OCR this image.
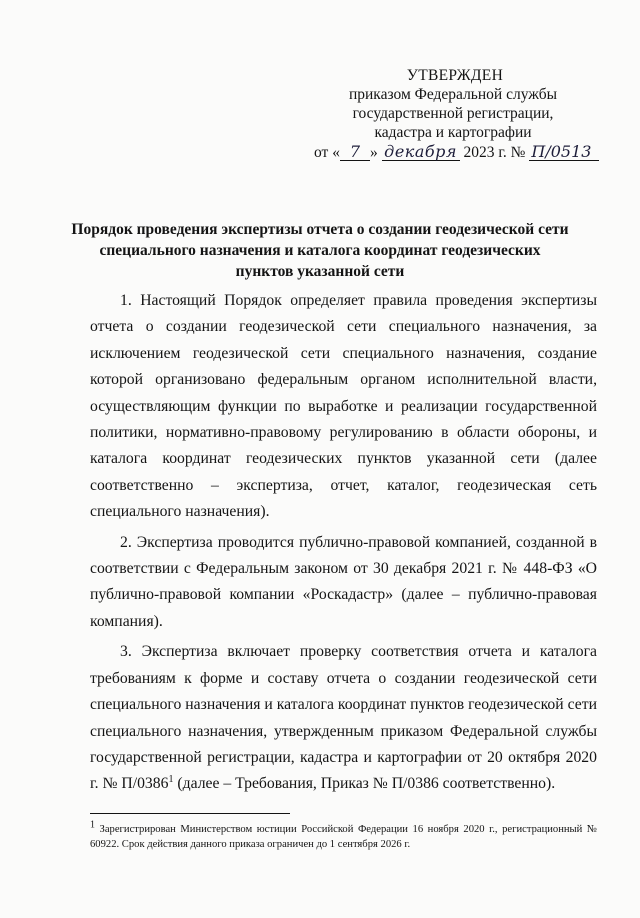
УТВЕРЖДЕН
приказом Федеральной службы
государственной регистрации,
кадастра и картографии
от « 7 » декабря 2023 г. № П/0513
Порядок проведения экспертизы отчета о создании геодезической сети специального назначения и каталога координат геодезических пунктов указанной сети

1. Настоящий Порядок определяет правила проведения экспертизы отчета о создании геодезической сети специального назначения, за исключением геодезической сети специального назначения, создание которой организовано федеральным органом исполнительной власти, осуществляющим функции по выработке и реализации государственной политики, нормативно-правовому регулированию в области обороны, и каталога координат геодезических пунктов указанной сети (далее соответственно – экспертиза, отчет, каталог, геодезическая сеть специального назначения).

2. Экспертиза проводится публично-правовой компанией, созданной в соответствии с Федеральным законом от 30 декабря 2021 г. № 448-ФЗ «О публично-правовой компании «Роскадастр» (далее – публично-правовая компания).

3. Экспертиза включает проверку соответствия отчета и каталога требованиям к форме и составу отчета о создании геодезической сети специального назначения и каталога координат пунктов геодезической сети специального назначения, утвержденным приказом Федеральной службы государственной регистрации, кадастра и картографии от 20 октября 2020 г. № П/0386$^1$ (далее – Требования, Приказ № П/0386 соответственно).

$^1$ Зарегистрирован Министерством юстиции Российской Федерации 16 ноября 2020 г., регистрационный № 60922. Срок действия данного приказа ограничен до 1 сентября 2026 г.
